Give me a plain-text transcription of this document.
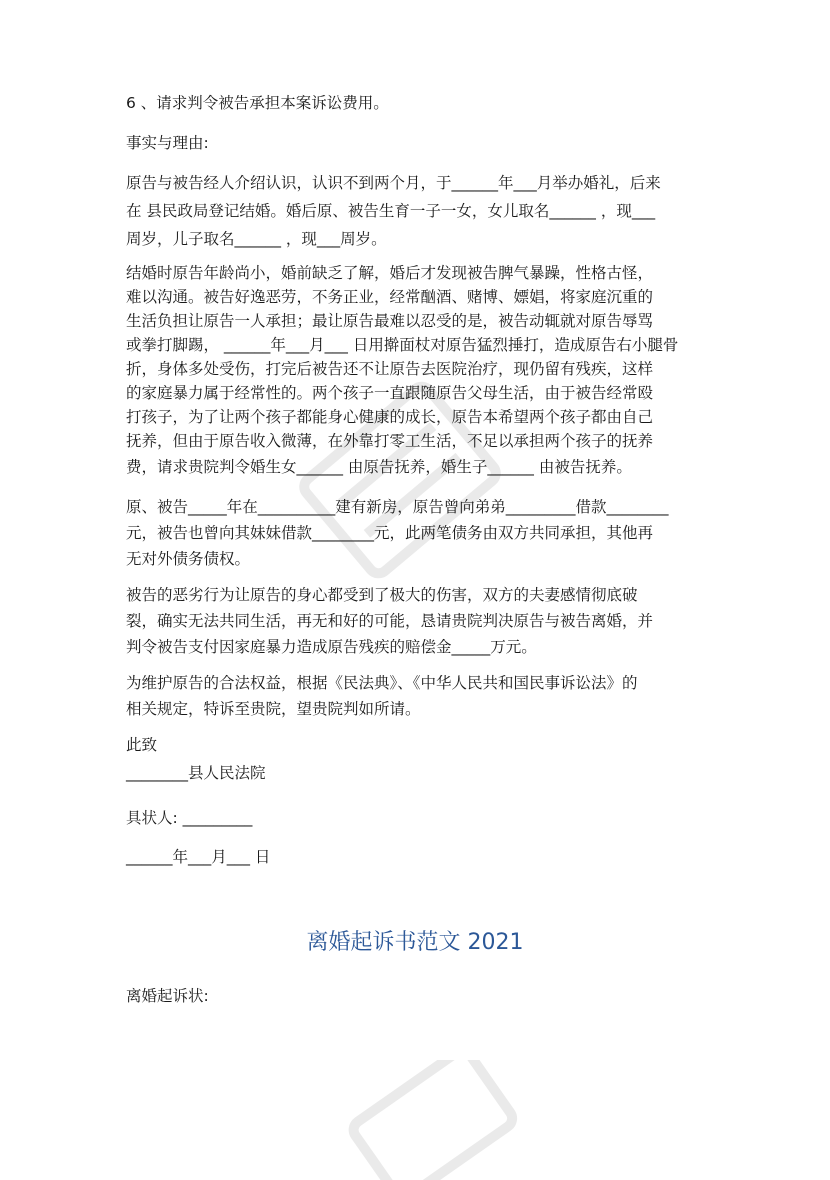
6 、请求判令被告承担本案诉讼费用。
事实与理由:
原告与被告经人介绍认识，认识不到两个月，于______年___月举办婚礼，后来
在 县民政局登记结婚。婚后原、被告生育一子一女，女儿取名______ ，现___
周岁，儿子取名______ ，现___周岁。
结婚时原告年龄尚小，婚前缺乏了解，婚后才发现被告脾气暴躁，性格古怪，
难以沟通。被告好逸恶劳，不务正业，经常酗酒、赌博、嫖娼，将家庭沉重的
生活负担让原告一人承担；最让原告最难以忍受的是，被告动辄就对原告辱骂
或拳打脚踢， ______年___月___ 日用擀面杖对原告猛烈捶打，造成原告右小腿骨
折，身体多处受伤，打完后被告还不让原告去医院治疗，现仍留有残疾，这样
的家庭暴力属于经常性的。两个孩子一直跟随原告父母生活，由于被告经常殴
打孩子，为了让两个孩子都能身心健康的成长，原告本希望两个孩子都由自己
抚养，但由于原告收入微薄，在外靠打零工生活，不足以承担两个孩子的抚养
费，请求贵院判令婚生女______ 由原告抚养，婚生子______ 由被告抚养。
原、被告_____年在__________建有新房，原告曾向弟弟_________借款________
元，被告也曾向其妹妹借款________元，此两笔债务由双方共同承担，其他再
无对外债务债权。
被告的恶劣行为让原告的身心都受到了极大的伤害，双方的夫妻感情彻底破
裂，确实无法共同生活，再无和好的可能，恳请贵院判决原告与被告离婚，并
判令被告支付因家庭暴力造成原告残疾的赔偿金_____万元。
为维护原告的合法权益，根据《民法典》、《中华人民共和国民事诉讼法》的
相关规定，特诉至贵院，望贵院判如所请。
此致
________县人民法院
具状人: _________
______年___月___ 日
离婚起诉书范文 2021
离婚起诉状:
